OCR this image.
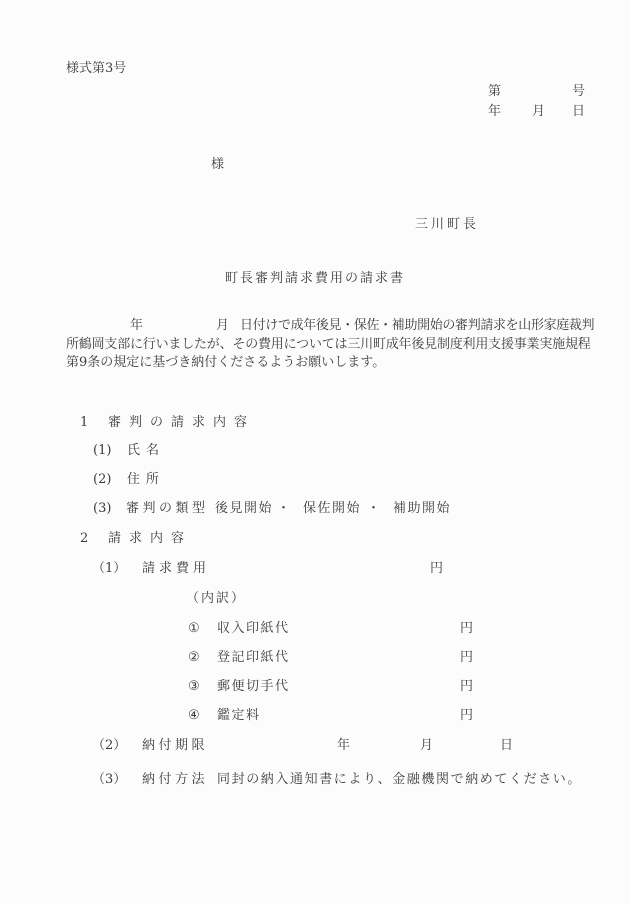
様式第3号
第	号
年 月 日
様
三川町長
町長審判請求費用の請求書
年	月 日付けで成年後見・保佐・補助開始の審判請求を山形家庭裁判
所鶴岡支部に行いましたが、その費用については三川町成年後見制度利用支援事業実施規程
第9条の規定に基づき納付くださるようお願いします。
1 審判の請求内容
(1) 氏名
(2) 住所
(3) 審判の類型 後見開始 ・ 保佐開始 ・ 補助開始
2 請求内容
（1） 請求費用	円
（内訳）
① 収入印紙代	円
② 登記印紙代	円
③ 郵便切手代	円
④ 鑑定料	円
（2） 納付期限	年	月	日
（3） 納付方法 同封の納入通知書により、金融機関で納めてください。
